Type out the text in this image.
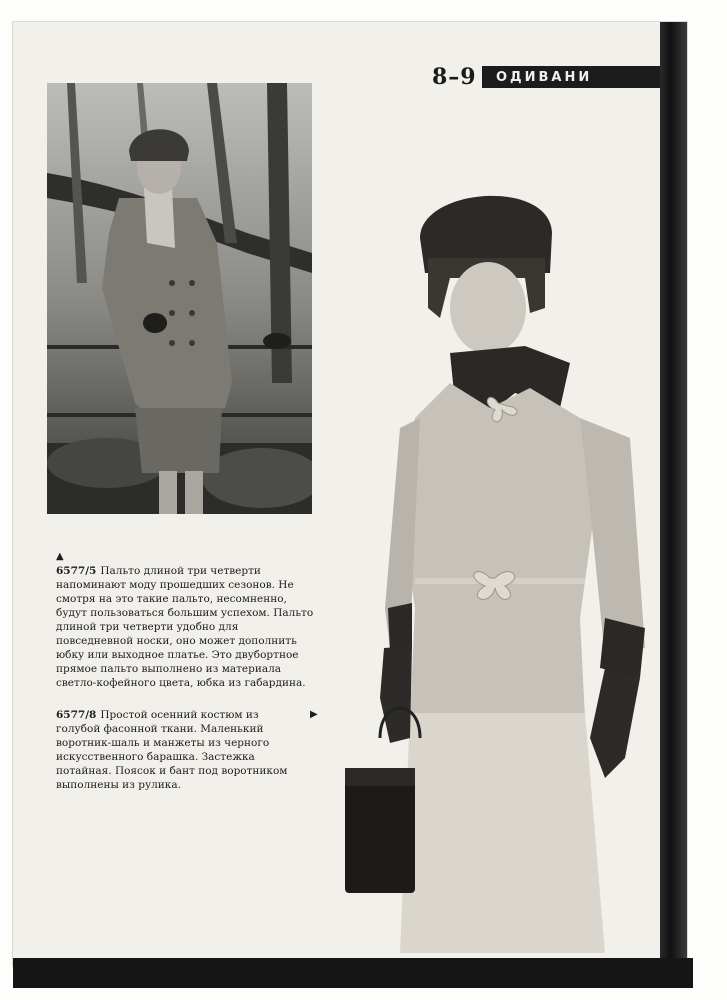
8–9	ОДИВАНИ
▲
6577/5 Пальто длиной три четверти напоминают моду прошедших сезонов. Не смотря на это такие пальто, несомненно, будут пользоваться большим успехом. Пальто длиной три четверти удобно для повседневной носки, оно может дополнить юбку или выходное платье. Это двубортное прямое пальто выполнено из материала светло-кофейного цвета, юбка из габардина.
▶
6577/8 Простой осенний костюм из голубой фасонной ткани. Маленький воротник-шаль и манжеты из черного искусственного барашка. Застежка потайная. Поясок и бант под воротником выполнены из рулика.
